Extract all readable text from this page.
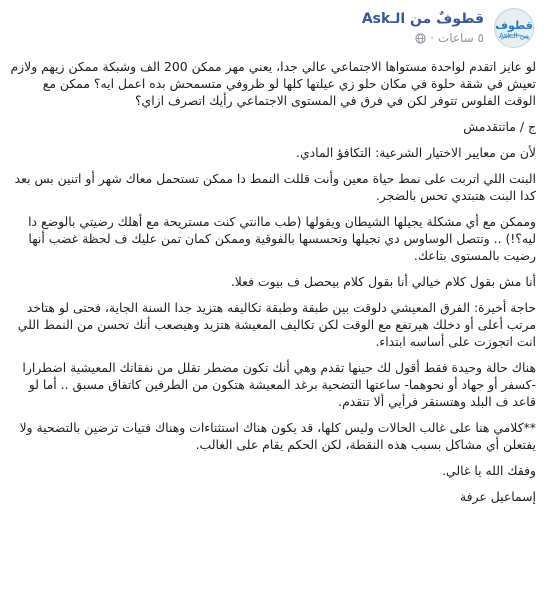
قطوف
من الـAsk
قطوفٌ من الـAsk
٥ ساعات
·

لو عايز اتقدم لواحدة مستواها الاجتماعي عالي جدا، يعني مهر ممكن 200 الف وشبكة ممكن زيهم ولازم تعيش في شقة حلوة في مكان حلو زي عيلتها كلها لو ظروفي متسمحش بده اعمل ايه؟ ممكن مع الوقت الفلوس تتوفر لكن في فرق في المستوى الاجتماعي رأيك اتصرف ازاي؟

ج / ماتتقدمش

لأن من معايير الاختيار الشرعية: التكافؤ المادي.

البنت اللي اتربت على نمط حياة معين وأنت قللت النمط دا ممكن تستحمل معاك شهر أو اتنين بس بعد كدا البنت هتبتدي تحس بالضجر.

وممكن مع أي مشكلة يجيلها الشيطان ويقولها (طب ماانتي كنت مستريحة مع أهلك رضيتي بالوضع دا ليه؟!) .. وتتصل الوساوس دي تجيلها وتحسسها بالفوقية وممكن كمان تمن عليك ف لحظة غضب أنها رضيت بالمستوى بتاعك.

أنا مش بقول كلام خيالي أنا بقول كلام بيحصل ف بيوت فعلا.

حاجة أخيرة: الفرق المعيشي دلوقت بين طبقة وطبقة تكاليفه هتزيد جدا السنة الجاية، فحتى لو هتاخد مرتب أعلى أو دخلك هيرتفع مع الوقت لكن تكاليف المعيشة هتزيد وهيصعب أنك تحسن من النمط اللي انت اتجوزت على أساسه ابتداء.

هناك حالة وحيدة فقط أقول لك حينها تقدم وهي أنك تكون مضطر تقلل من نفقاتك المعيشية اضطرارا -كسفر أو جهاد أو نحوهما- ساعتها التضحية برغد المعيشة هتكون من الطرفين كاتفاق مسبق .. أما لو قاعد ف البلد وهتستقر فرأيي ألا تتقدم.

**كلامي هنا على غالب الحالات وليس كلها، قد يكون هناك استثناءات وهناك فتيات ترضين بالتضحية ولا يفتعلن أي مشاكل بسبب هذه النقطة، لكن الحكم يقام على الغالب.

وفقك الله يا غالي.

إسماعيل عرفة
